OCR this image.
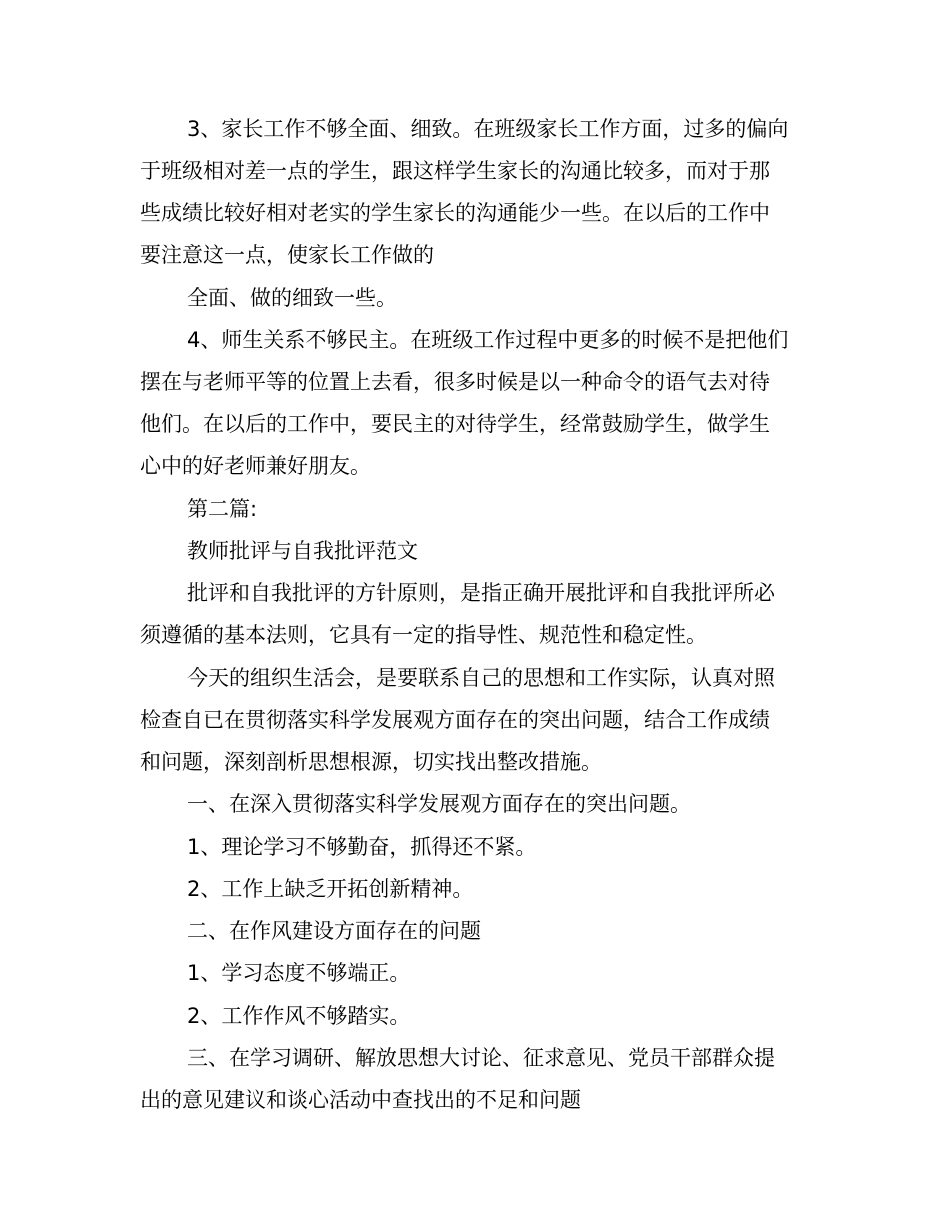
3、家长工作不够全面、细致。在班级家长工作方面，过多的偏向
于班级相对差一点的学生，跟这样学生家长的沟通比较多，而对于那
些成绩比较好相对老实的学生家长的沟通能少一些。在以后的工作中
要注意这一点，使家长工作做的
全面、做的细致一些。
4、师生关系不够民主。在班级工作过程中更多的时候不是把他们
摆在与老师平等的位置上去看，很多时候是以一种命令的语气去对待
他们。在以后的工作中，要民主的对待学生，经常鼓励学生，做学生
心中的好老师兼好朋友。
第二篇:
教师批评与自我批评范文
批评和自我批评的方针原则，是指正确开展批评和自我批评所必
须遵循的基本法则，它具有一定的指导性、规范性和稳定性。
今天的组织生活会，是要联系自己的思想和工作实际，认真对照
检查自已在贯彻落实科学发展观方面存在的突出问题，结合工作成绩
和问题，深刻剖析思想根源，切实找出整改措施。
一、在深入贯彻落实科学发展观方面存在的突出问题。
1、理论学习不够勤奋，抓得还不紧。
2、工作上缺乏开拓创新精神。
二、在作风建设方面存在的问题
1、学习态度不够端正。
2、工作作风不够踏实。
三、在学习调研、解放思想大讨论、征求意见、党员干部群众提
出的意见建议和谈心活动中查找出的不足和问题
